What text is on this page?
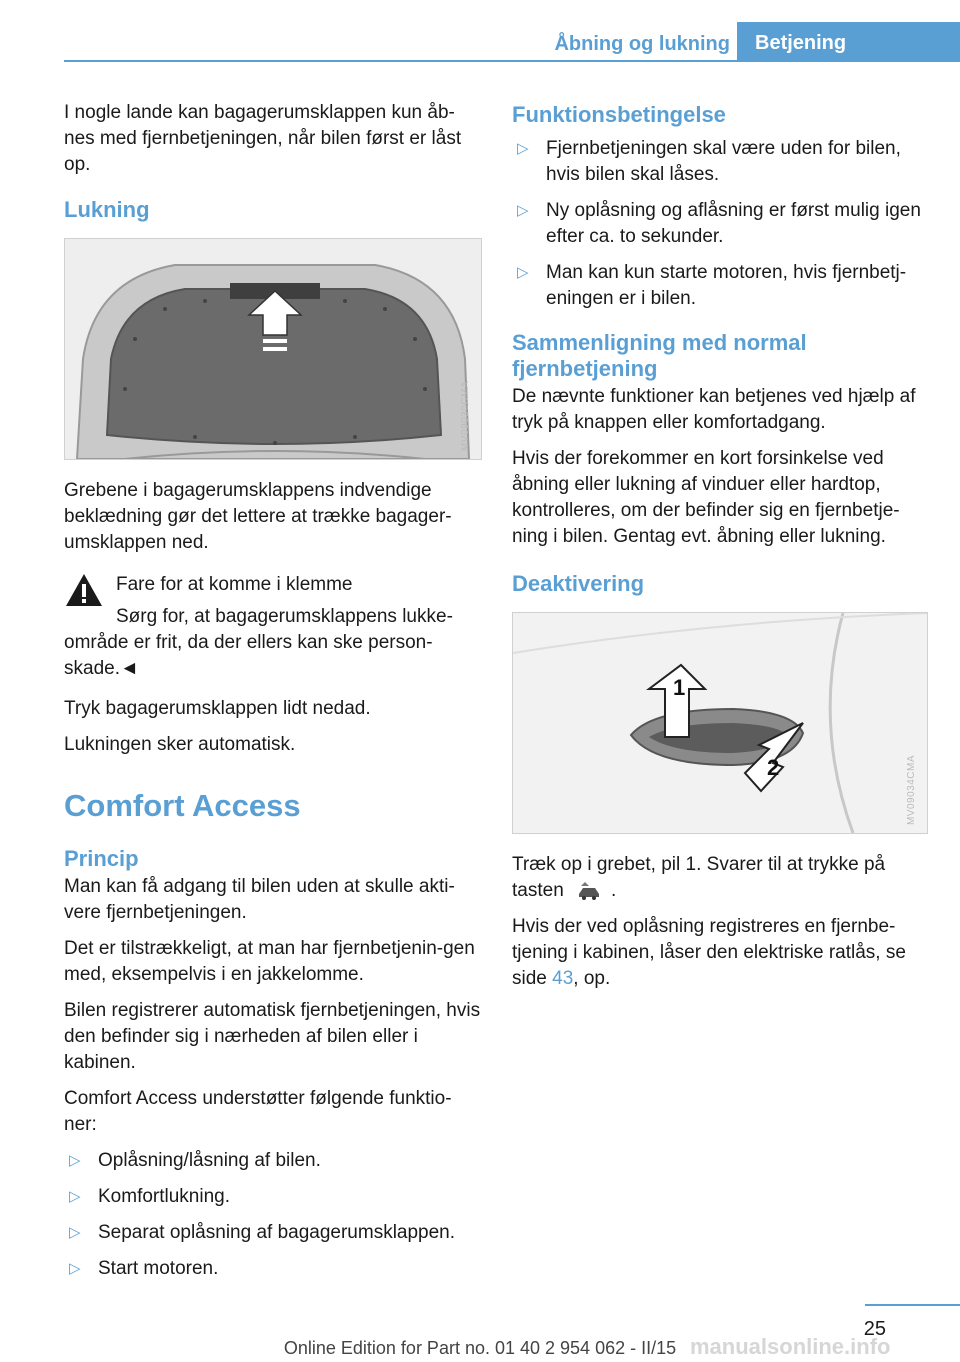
Åbning og lukning	Betjening

I nogle lande kan bagagerumsklappen kun åb-nes med fjernbetjeningen, når bilen først er låst op.

Lukning
MV09030CMA

Grebene i bagagerumsklappens indvendige beklædning gør det lettere at trække bagager-umsklappen ned.

Fare for at komme i klemme

Sørg for, at bagagerumsklappens lukke-område er frit, da der ellers kan ske person-skade.◄

Tryk bagagerumsklappen lidt nedad.

Lukningen sker automatisk.

Comfort Access
Princip

Man kan få adgang til bilen uden at skulle akti-vere fjernbetjeningen.

Det er tilstrækkeligt, at man har fjernbetjenin-gen med, eksempelvis i en jakkelomme.

Bilen registrerer automatisk fjernbetjeningen, hvis den befinder sig i nærheden af bilen eller i kabinen.

Comfort Access understøtter følgende funktio-ner:

▷ Oplåsning/låsning af bilen.
▷ Komfortlukning.
▷ Separat oplåsning af bagagerumsklappen.
▷ Start motoren.
Funktionsbetingelse
▷ Fjernbetjeningen skal være uden for bilen, hvis bilen skal låses.
▷ Ny oplåsning og aflåsning er først mulig igen efter ca. to sekunder.
▷ Man kan kun starte motoren, hvis fjernbetj-eningen er i bilen.
Sammenligning med normal fjernbetjening

De nævnte funktioner kan betjenes ved hjælp af tryk på knappen eller komfortadgang.

Hvis der forekommer en kort forsinkelse ved åbning eller lukning af vinduer eller hardtop, kontrolleres, om der befinder sig en fjernbetje-ning i bilen. Gentag evt. åbning eller lukning.

Deaktivering
1
2	MV09034CMA

Træk op i grebet, pil 1. Svarer til at trykke på tasten .

Hvis der ved oplåsning registreres en fjernbe-tjening i kabinen, låser den elektriske ratlås, se side 43, op.

25
Online Edition for Part no. 01 40 2 954 062 - II/15 manualsonline.info
